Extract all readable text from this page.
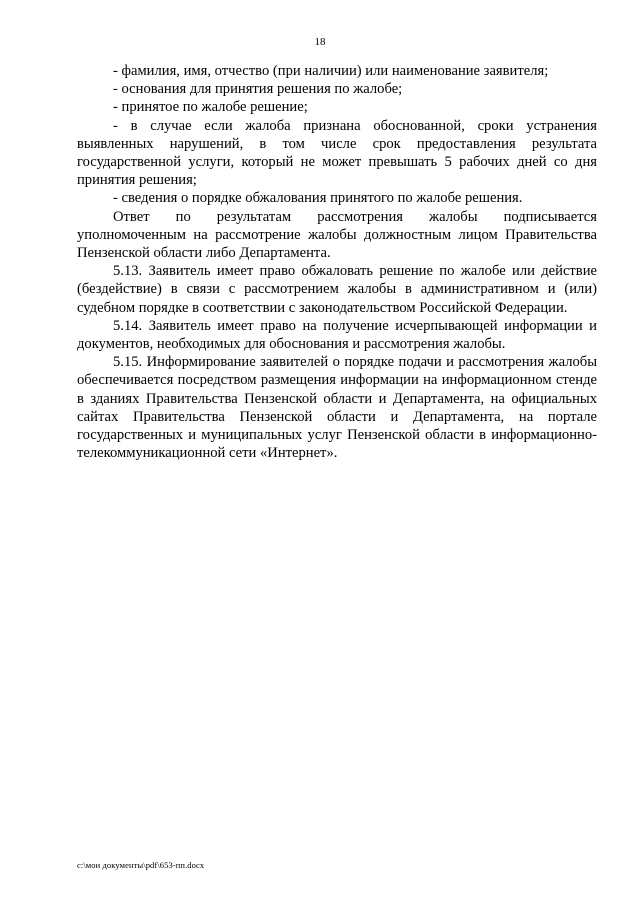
18

- фамилия, имя, отчество (при наличии) или наименование заявителя;

- основания для принятия решения по жалобе;

- принятое по жалобе решение;

- в случае если жалоба признана обоснованной, сроки устранения выявленных нарушений, в том числе срок предоставления результата государственной услуги, который не может превышать 5 рабочих дней со дня принятия решения;

- сведения о порядке обжалования принятого по жалобе решения.

Ответ по результатам рассмотрения жалобы подписывается уполномоченным на рассмотрение жалобы должностным лицом Правительства Пензенской области либо Департамента.

5.13. Заявитель имеет право обжаловать решение по жалобе или действие (бездействие) в связи с рассмотрением жалобы в административном и (или) судебном порядке в соответствии с законодательством Российской Федерации.

5.14. Заявитель имеет право на получение исчерпывающей информации и документов, необходимых для обоснования и рассмотрения жалобы.

5.15. Информирование заявителей о порядке подачи и рассмотрения жалобы обеспечивается посредством размещения информации на информационном стенде в зданиях Правительства Пензенской области и Департамента, на официальных сайтах Правительства Пензенской области и Департамента, на портале государственных и муниципальных услуг Пензенской области в информационно-телекоммуникационной сети «Интернет».

c:\мои документы\pdf\653-пп.docx
